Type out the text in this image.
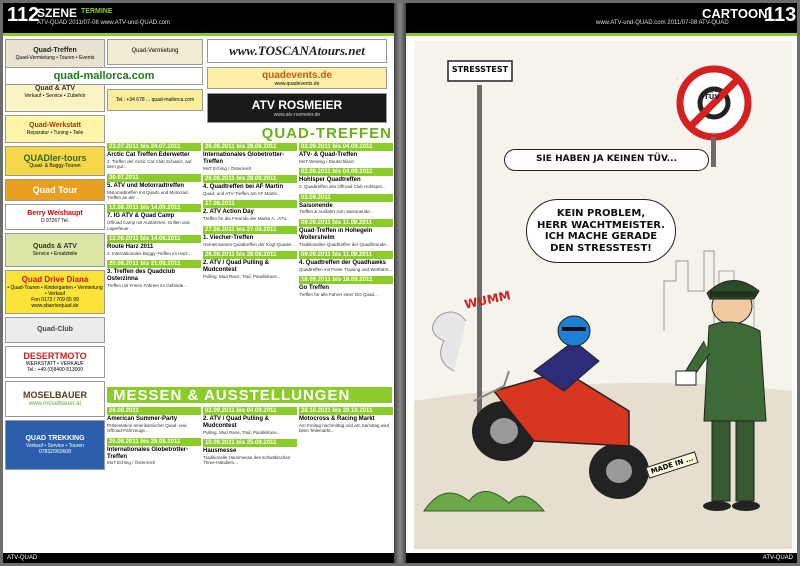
112
SZENE TERMINE
ATV-QUAD 2011/07-08 www.ATV-und-QUAD.com
Quad-Treffen
Quad-Vermietung • Touren • Events
Quad & ATV
Verkauf • Service • Zubehör
Quad-Werkstatt
Reparatur • Tuning • Teile
QUADler-tours
Quad- & Buggy-Touren
Quad Tour
Berry Weishaupt
D 97267 Tel.
Quads & ATV
Service • Ersatzteile
Quad Drive Diana
• Quad-Touren • Kindergarten • Vermietung • Verkauf
Fon 0172 / 709 65 99
www.sbarrierquad.de
Quad-Club
DESERTMOTO
WERKSTATT • VERKAUF
Tel.: +49 (0)8400-513000
MOSELBAUER
www.moselbauer.at
QUAD TREKKING
Verkauf • Service • Touren
07832/969608
Quad-Vermietung	www.TOSCANAtours.net
quad-mallorca.com	quadevents.de
www.quadevents.de
Tel.: +34 678 ... quad-mallorca.com	ATV ROSMEIER
www.atv-rosmeier.de
QUAD-TREFFEN
23.07.2011 bis 24.07.2011
Arctic Cat Treffen Ederwetter
2. Treffen der Arctic Cat Club Schweiz, auf dem gut...
30.07.2011
5. ATV und Motorradtreffen
Motorradtreffen mit Quads und Motorrad-Treffen an der ...
12.08.2011 bis 14.08.2011
7. IG ATV & Quad Camp
Offroad Camp mit Ausfahrten, Grillen und Lagerfeuer...
12.08.2011 bis 14.08.2011
Route Harz 2011
2. Internationales Buggy-Treffen im Harz...
20.08.2011 bis 21.08.2011
3. Treffen des Quadclub Osterzinna
Treffen mit Freien Fahrten im Gelände...
26.08.2011 bis 28.08.2011
Internationales Globetrotter-Treffen
MoT Eching / Österreich
26.08.2011 bis 28.08.2011
4. Quadtreffen bei AF Martin
Quad- und ATV-Treffen am AF Martin...
27.08.2011
2. ATV Action Day
Treffen für die Freunde der Marke A...ATV...
27.08.2011 bis 27.08.2011
1. Viecher-Treffen
Gemeinsames Quadtreffen der Kogl-Quader...
26.08.2011 bis 28.08.2011
2. ATV / Quad Pulling & Mudcontest
Pulling, Mud Race, Trail, Parallelrace...
02.09.2011 bis 04.09.2011
ATV- & Quad-Treffen
MoT Weissig / Deutschland
02.09.2011 bis 04.09.2011
Hohlsper Quadtreffen
2. Quadtreffen des Offroad Club Hohlsper...
03.09.2011
Saisonende
Treffen & Ausfahrt zum Saisonende...
09.09.2011 bis 11.09.2011
Quad-Treffen in Hohegeln Wollershelm
Traditionelles Quadtreffen der Quadfreunde...
09.09.2011 bis 11.09.2011
4. Quadtreffen der Quadhawks
Quadtreffen mit Freier Training und Wettfahrt...
16.09.2011 bis 18.09.2011
Go Treffen
Treffen für alle Fahrer einer GO Quad...
MESSEN & AUSSTELLUNGEN
26.08.2011
American Summer-Party
Präsentation amerikanischer Quad- und Offroad-Fahrzeuge...
26.08.2011 bis 28.08.2011
Internationales Globetrotter-Treffen
MoT Eching / Österreich
02.09.2011 bis 04.09.2011
2. ATV / Quad Pulling & Mudcontest
Pulling, Mud Race, Trail, Parallelrace...
10.09.2011 bis 25.09.2011
Hausmesse
Traditionelle Hausmesse des schwäbischen Three-Händlers...
28.10.2011 bis 29.10.2011
Motocross & Racing Markt
Am Freitag nachmittag und am Samstag wird beim Teilemarkt...
ATV-QUAD
www.ATV-und-QUAD.com 2011/07-08 ATV-QUAD
CARTOON
113
STRESSTEST
TÜV
SIE HABEN JA KEINEN TÜV...
KEIN PROBLEM,
HERR WACHTMEISTER.
ICH MACHE GERADE
DEN STRESSTEST!
MADE IN ...
WUMM
ATV-QUAD
